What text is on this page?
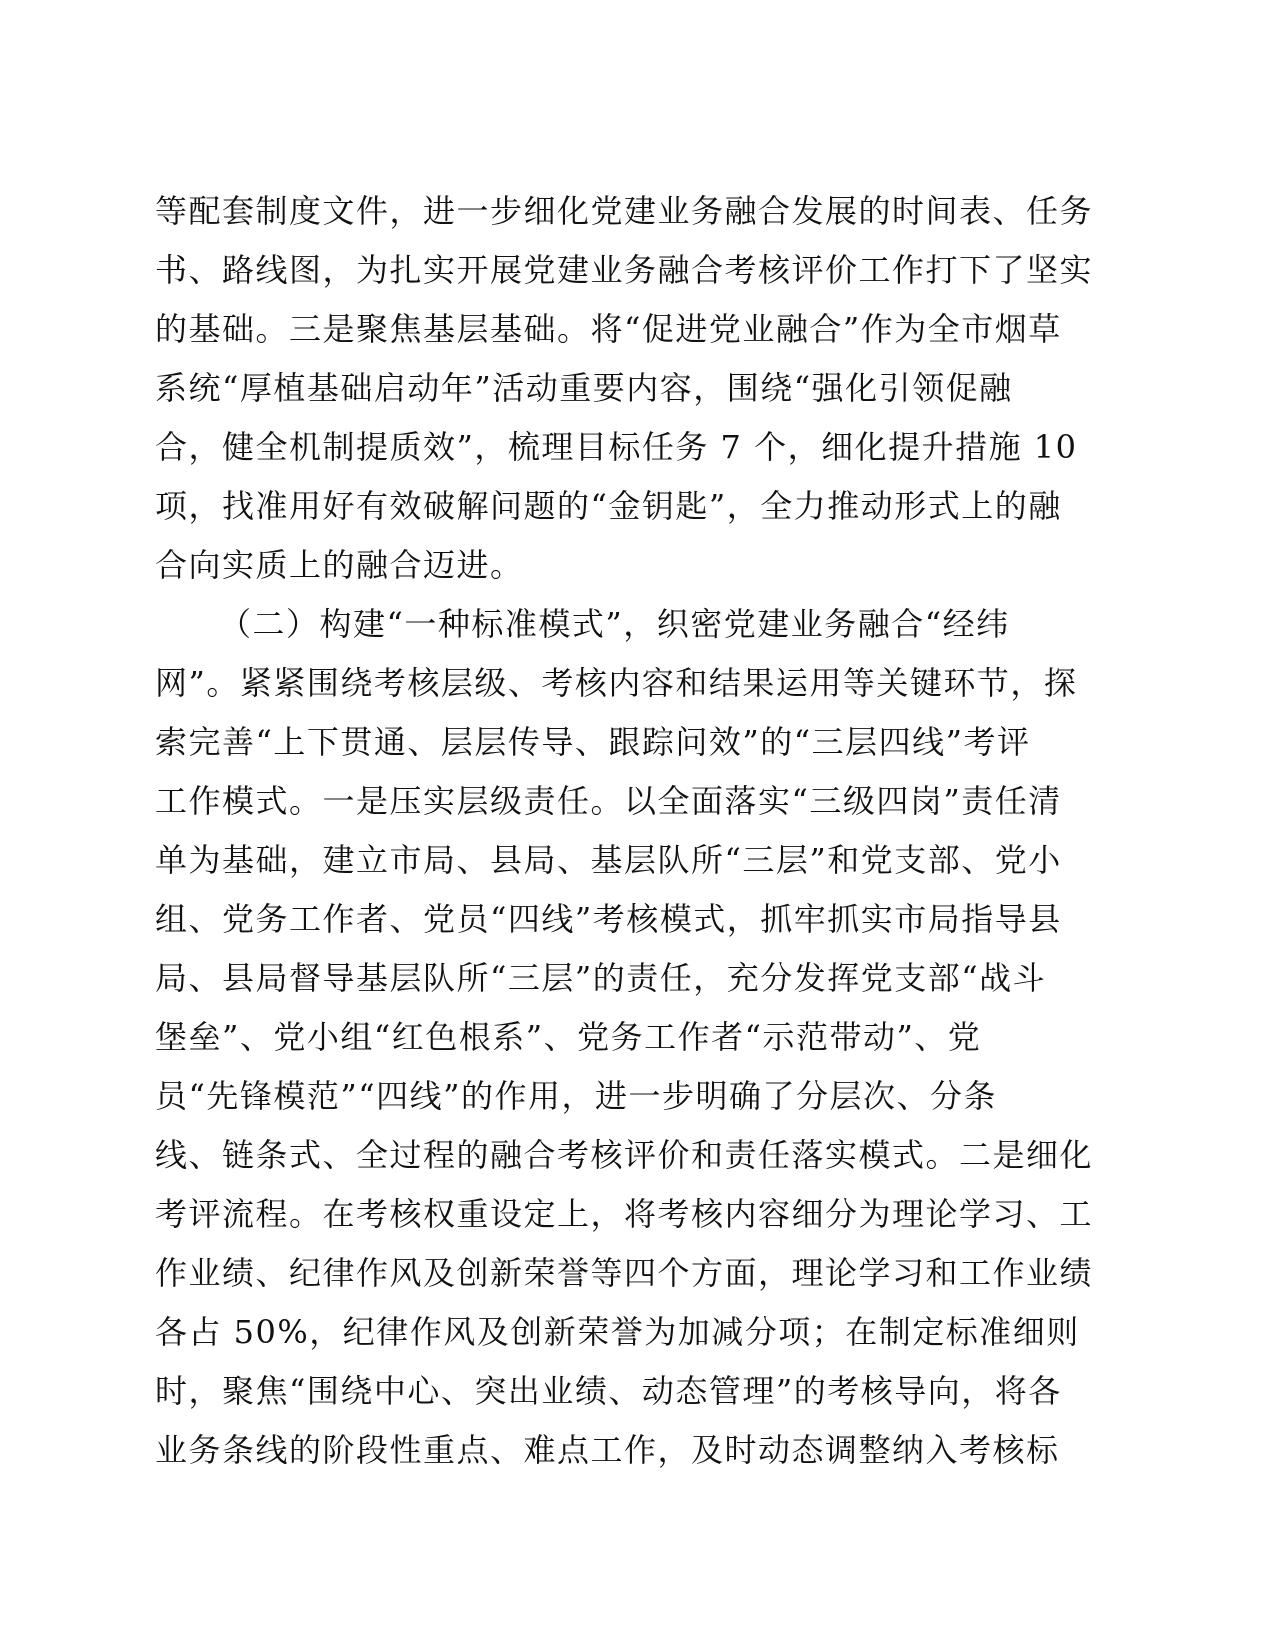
等配套制度文件，进一步细化党建业务融合发展的时间表、任务
书、路线图，为扎实开展党建业务融合考核评价工作打下了坚实
的基础。三是聚焦基层基础。将“促进党业融合”作为全市烟草
系统“厚植基础启动年”活动重要内容，围绕“强化引领促融
合，健全机制提质效”，梳理目标任务 7 个，细化提升措施 10
项，找准用好有效破解问题的“金钥匙”，全力推动形式上的融
合向实质上的融合迈进。
（二）构建“一种标准模式”，织密党建业务融合“经纬
网”。紧紧围绕考核层级、考核内容和结果运用等关键环节，探
索完善“上下贯通、层层传导、跟踪问效”的“三层四线”考评
工作模式。一是压实层级责任。以全面落实“三级四岗”责任清
单为基础，建立市局、县局、基层队所“三层”和党支部、党小
组、党务工作者、党员“四线”考核模式，抓牢抓实市局指导县
局、县局督导基层队所“三层”的责任，充分发挥党支部“战斗
堡垒”、党小组“红色根系”、党务工作者“示范带动”、党
员“先锋模范”“四线”的作用，进一步明确了分层次、分条
线、链条式、全过程的融合考核评价和责任落实模式。二是细化
考评流程。在考核权重设定上，将考核内容细分为理论学习、工
作业绩、纪律作风及创新荣誉等四个方面，理论学习和工作业绩
各占 50%，纪律作风及创新荣誉为加减分项；在制定标准细则
时，聚焦“围绕中心、突出业绩、动态管理”的考核导向，将各
业务条线的阶段性重点、难点工作，及时动态调整纳入考核标
